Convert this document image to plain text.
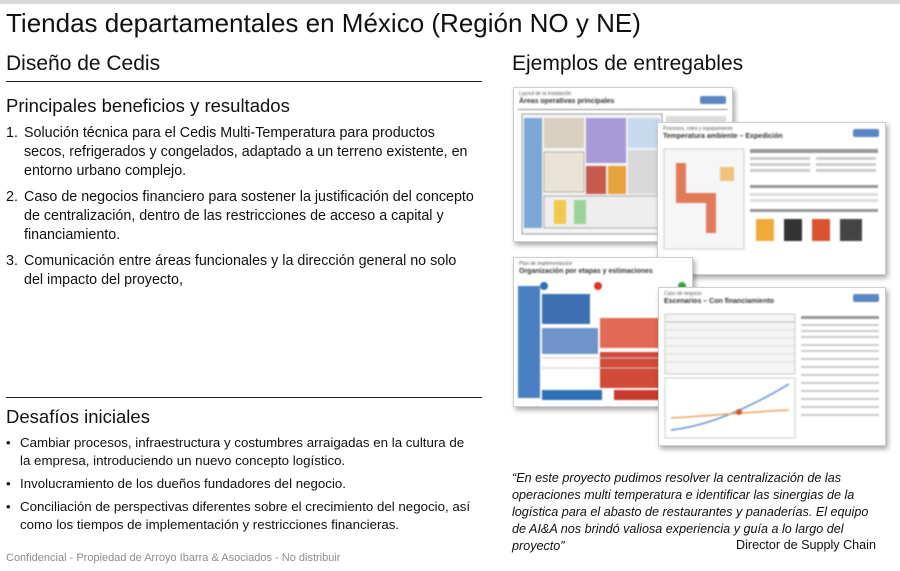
Tiendas departamentales en México (Región NO y NE)
Diseño de Cedis
Principales beneficios y resultados
1. Solución técnica para el Cedis Multi-Temperatura para productos secos, refrigerados y congelados, adaptado a un terreno existente, en entorno urbano complejo.
2. Caso de negocios financiero para sostener la justificación del concepto de centralización, dentro de las restricciones de acceso a capital y financiamiento.
3. Comunicación entre áreas funcionales y la dirección general no solo del impacto del proyecto,
Desafíos iniciales
• Cambiar procesos, infraestructura y costumbres arraigadas en la cultura de la empresa, introduciendo un nuevo concepto logístico.
• Involucramiento de los dueños fundadores del negocio.
• Conciliación de perspectivas diferentes sobre el crecimiento del negocio, así como los tiempos de implementación y restricciones financieras.
Confidencial - Propiedad de Arroyo Ibarra & Asociados - No distribuir
Ejemplos de entregables
Layout de la instalación
Áreas operativas principales
Procesos, roles y equipamiento
Temperatura ambiente – Expedición
Plan de implementación
Organización por etapas y estimaciones
Caso de negocio
Escenarios – Con financiamiento
“En este proyecto pudimos resolver la centralización de las operaciones multi temperatura e identificar las sinergias de la logística para el abasto de restaurantes y panaderías. El equipo de AI&A nos brindó valiosa experiencia y guía a lo largo del proyecto”	Director de Supply Chain
